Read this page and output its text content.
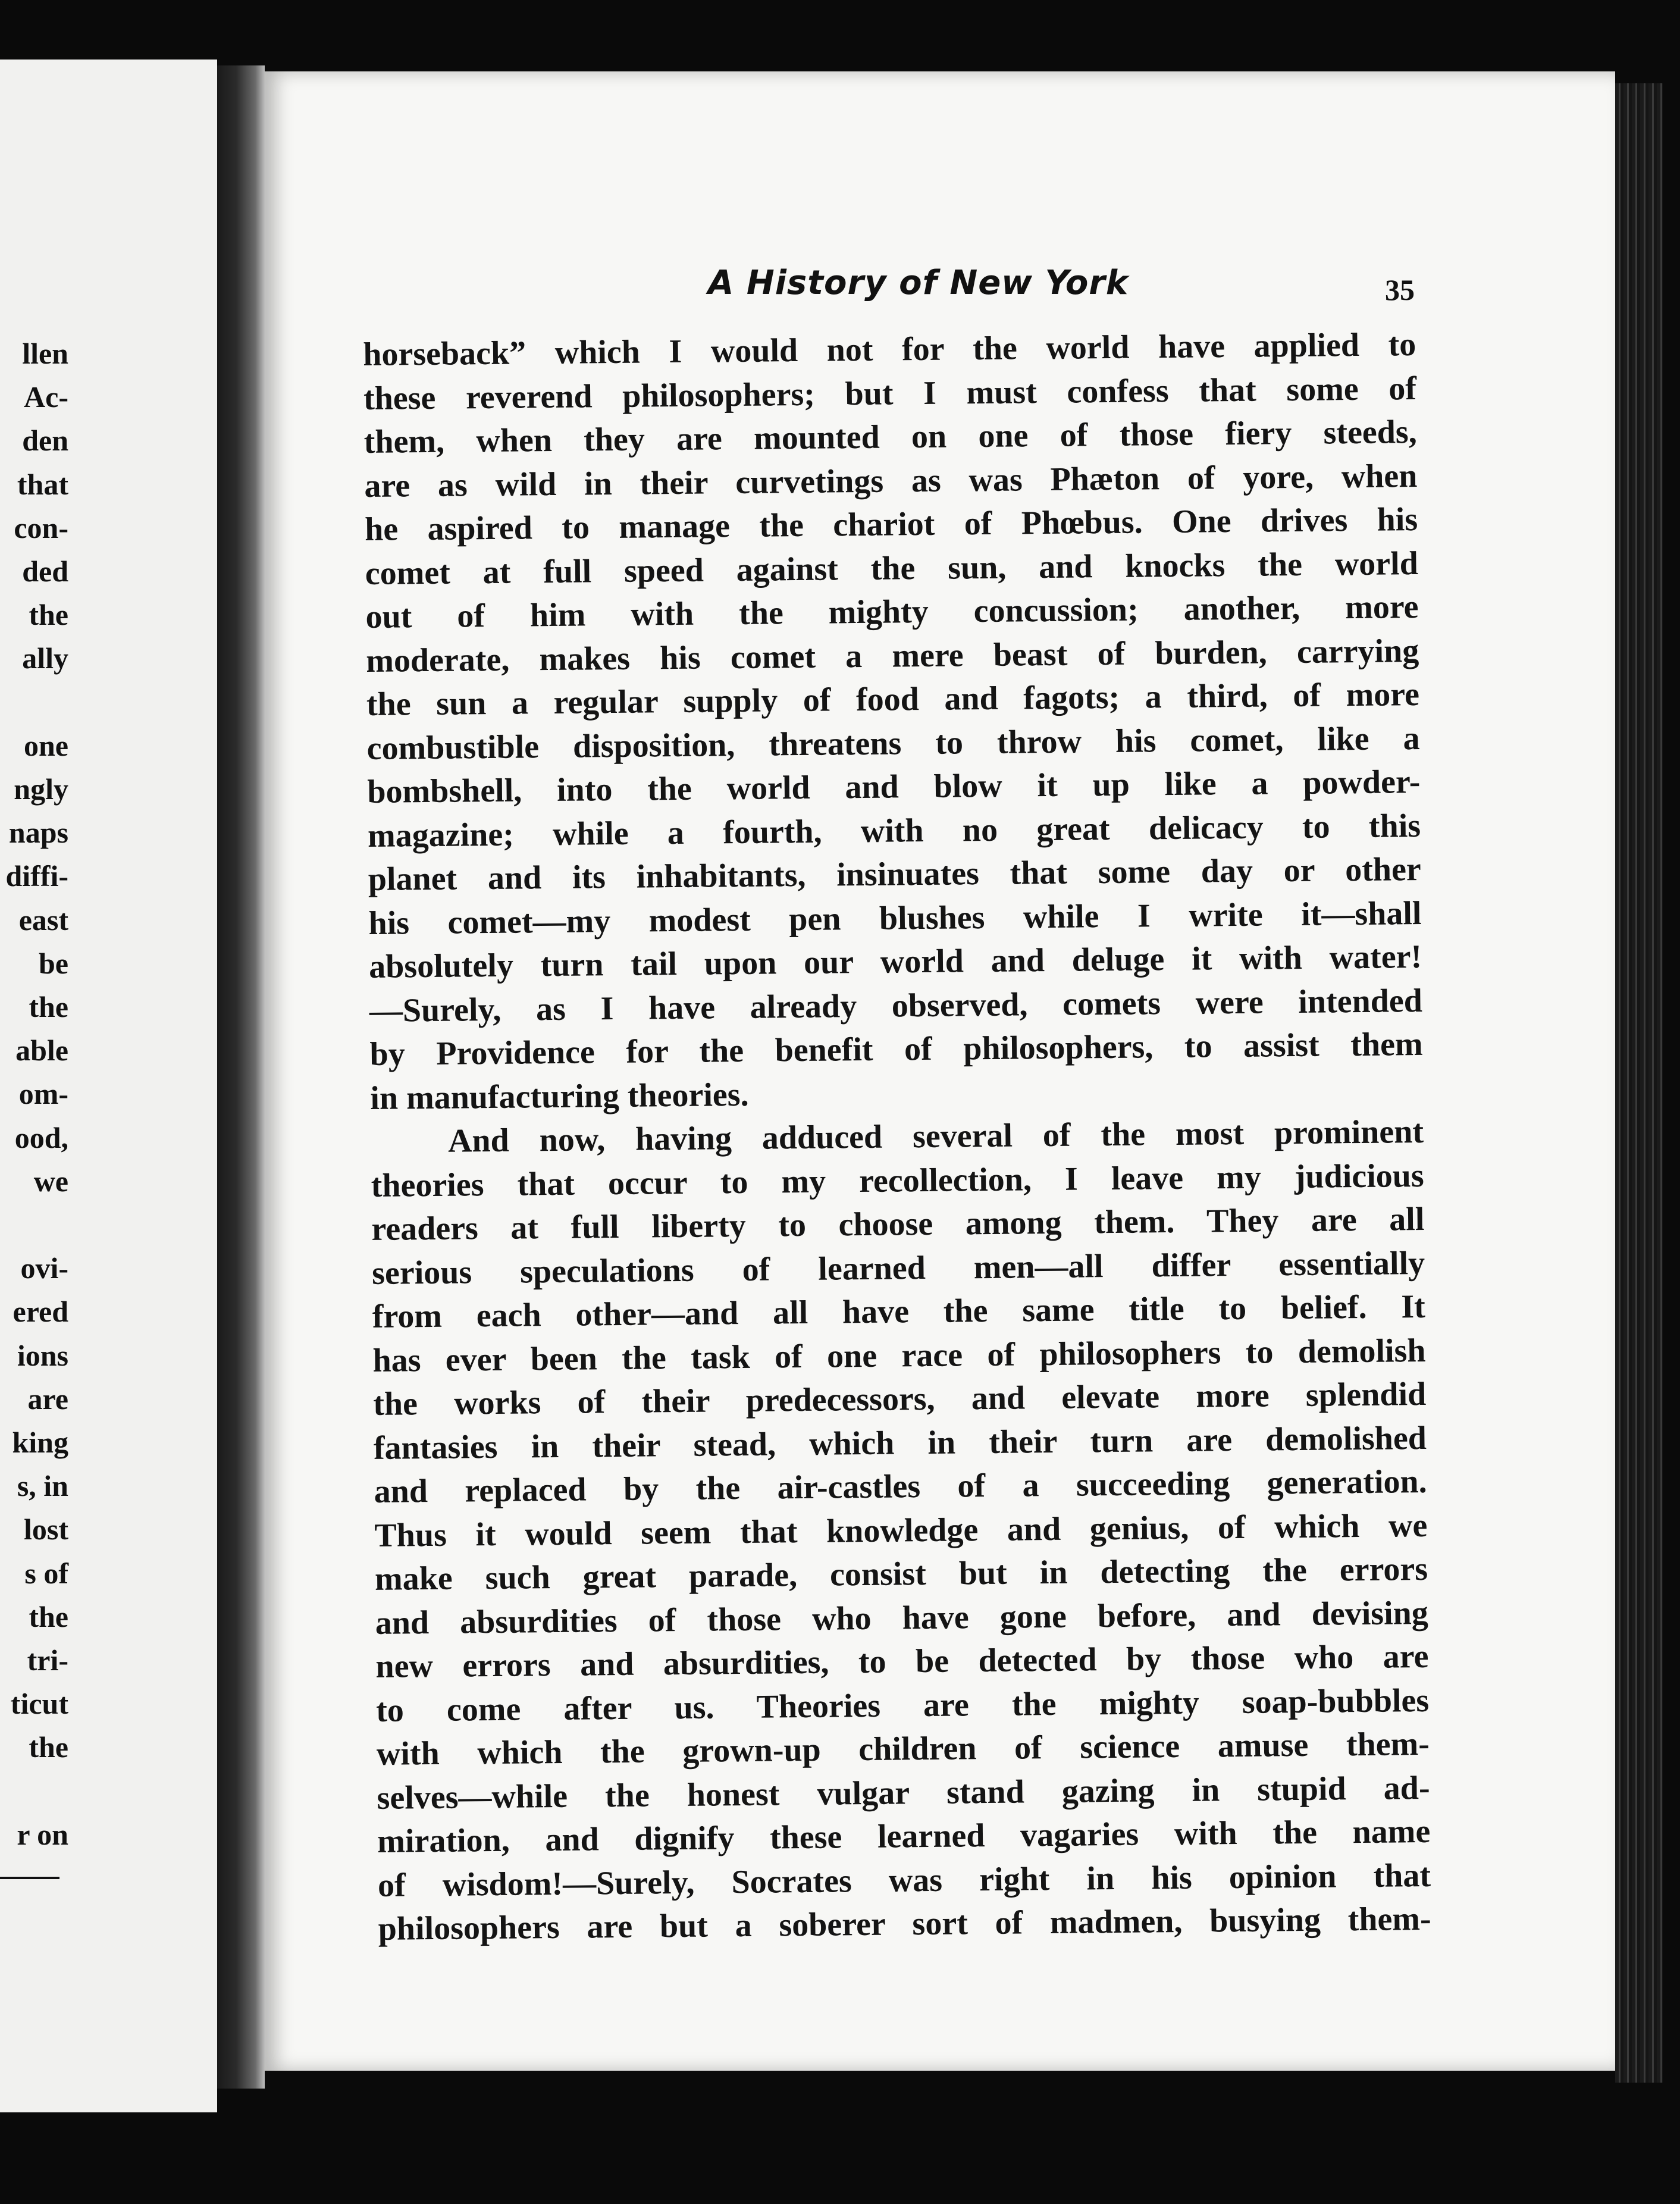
llen
Ac-
den
that
con-
ded
the
ally
one
ngly
naps
diffi-
east
be
the
able
om-
ood,
we
ovi-
ered
ions
are
king
s, in
lost
s of
the
tri-
ticut
the
r on
A History of New York	35
horseback” which I would not for the world have applied to
these reverend philosophers; but I must confess that some of
them, when they are mounted on one of those fiery steeds,
are as wild in their curvetings as was Phæton of yore, when
he aspired to manage the chariot of Phœbus. One drives his
comet at full speed against the sun, and knocks the world
out of him with the mighty concussion; another, more
moderate, makes his comet a mere beast of burden, carrying
the sun a regular supply of food and fagots; a third, of more
combustible disposition, threatens to throw his comet, like a
bombshell, into the world and blow it up like a powder-
magazine; while a fourth, with no great delicacy to this
planet and its inhabitants, insinuates that some day or other
his comet—my modest pen blushes while I write it—shall
absolutely turn tail upon our world and deluge it with water!
—Surely, as I have already observed, comets were intended
by Providence for the benefit of philosophers, to assist them
in manufacturing theories.
And now, having adduced several of the most prominent
theories that occur to my recollection, I leave my judicious
readers at full liberty to choose among them. They are all
serious speculations of learned men—all differ essentially
from each other—and all have the same title to belief. It
has ever been the task of one race of philosophers to demolish
the works of their predecessors, and elevate more splendid
fantasies in their stead, which in their turn are demolished
and replaced by the air-castles of a succeeding generation.
Thus it would seem that knowledge and genius, of which we
make such great parade, consist but in detecting the errors
and absurdities of those who have gone before, and devising
new errors and absurdities, to be detected by those who are
to come after us. Theories are the mighty soap-bubbles
with which the grown-up children of science amuse them-
selves—while the honest vulgar stand gazing in stupid ad-
miration, and dignify these learned vagaries with the name
of wisdom!—Surely, Socrates was right in his opinion that
philosophers are but a soberer sort of madmen, busying them-
